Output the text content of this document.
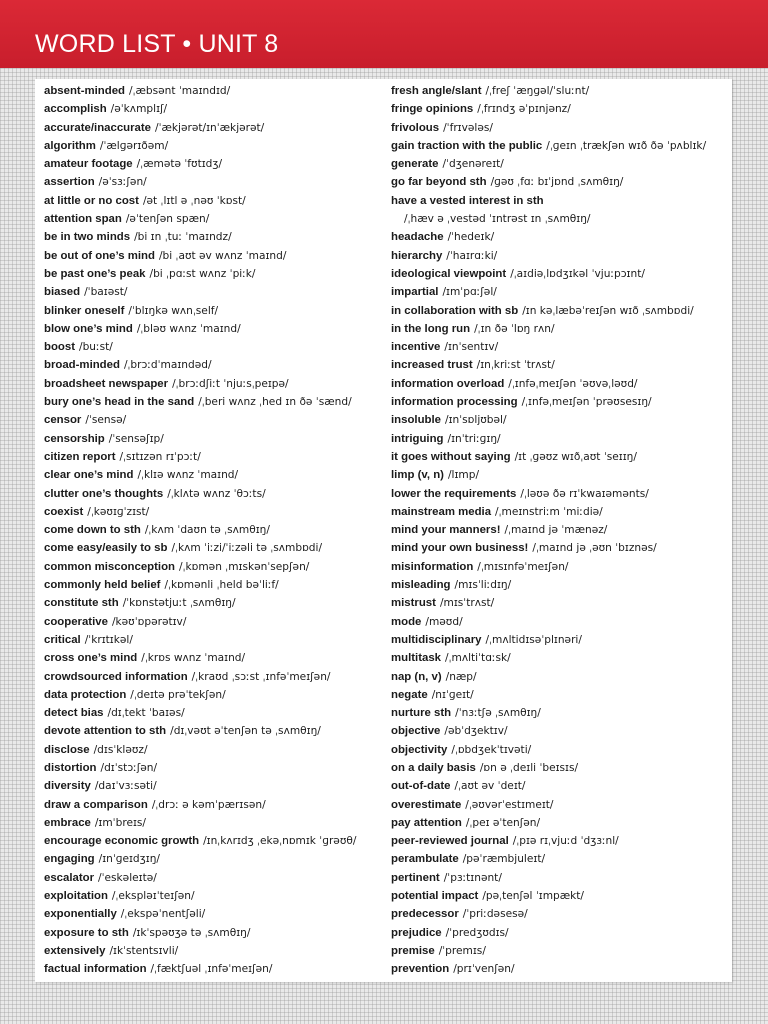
WORD LIST • UNIT 8
absent-minded /ˌæbsənt ˈmaɪndɪd/
accomplish /əˈkʌmplɪʃ/
accurate/inaccurate /ˈækjərət/ɪnˈækjərət/
algorithm /ˈælɡərɪðəm/
amateur footage /ˌæmətə ˈfʊtɪdʒ/
assertion /əˈsɜːʃən/
at little or no cost /ət ˌlɪtl ə ˌnəʊ ˈkɒst/
attention span /əˈtenʃən spæn/
be in two minds /bi ɪn ˌtuː ˈmaɪndz/
be out of one’s mind /bi ˌaʊt əv wʌnz ˈmaɪnd/
be past one’s peak /bi ˌpɑːst wʌnz ˈpiːk/
biased /ˈbaɪəst/
blinker oneself /ˈblɪŋkə wʌnˌself/
blow one’s mind /ˌbləʊ wʌnz ˈmaɪnd/
boost /buːst/
broad-minded /ˌbrɔːdˈmaɪndəd/
broadsheet newspaper /ˌbrɔːdʃiːt ˈnjuːsˌpeɪpə/
bury one’s head in the sand /ˌberi wʌnz ˌhed ɪn ðə ˈsænd/
censor /ˈsensə/
censorship /ˈsensəʃɪp/
citizen report /ˌsɪtɪzən rɪˈpɔːt/
clear one’s mind /ˌklɪə wʌnz ˈmaɪnd/
clutter one’s thoughts /ˌklʌtə wʌnz ˈθɔːts/
coexist /ˌkəʊɪɡˈzɪst/
come down to sth /ˌkʌm ˈdaʊn tə ˌsʌmθɪŋ/
come easy/easily to sb /ˌkʌm ˈiːzi/ˈiːzəli tə ˌsʌmbɒdi/
common misconception /ˌkɒmən ˌmɪskənˈsepʃən/
commonly held belief /ˌkɒmənli ˌheld bəˈliːf/
constitute sth /ˈkɒnstətjuːt ˌsʌmθɪŋ/
cooperative /kəʊˈɒpərətɪv/
critical /ˈkrɪtɪkəl/
cross one’s mind /ˌkrɒs wʌnz ˈmaɪnd/
crowdsourced information /ˌkraʊd ˌsɔːst ˌɪnfəˈmeɪʃən/
data protection /ˌdeɪtə prəˈtekʃən/
detect bias /dɪˌtekt ˈbaɪəs/
devote attention to sth /dɪˌvəʊt əˈtenʃən tə ˌsʌmθɪŋ/
disclose /dɪsˈkləʊz/
distortion /dɪˈstɔːʃən/
diversity /daɪˈvɜːsəti/
draw a comparison /ˌdrɔː ə kəmˈpærɪsən/
embrace /ɪmˈbreɪs/
encourage economic growth /ɪnˌkʌrɪdʒ ˌekəˌnɒmɪk ˈɡrəʊθ/
engaging /ɪnˈɡeɪdʒɪŋ/
escalator /ˈeskəleɪtə/
exploitation /ˌekspləɪˈteɪʃən/
exponentially /ˌekspəˈnentʃəli/
exposure to sth /ɪkˈspəʊʒə tə ˌsʌmθɪŋ/
extensively /ɪkˈstentsɪvli/
factual information /ˌfæktʃuəl ˌɪnfəˈmeɪʃən/
fresh angle/slant /ˌfreʃ ˈæŋɡəl/ˈsluːnt/
fringe opinions /ˌfrɪndʒ əˈpɪnjənz/
frivolous /ˈfrɪvələs/
gain traction with the public /ˌɡeɪn ˌtrækʃən wɪð ðə ˈpʌblɪk/
generate /ˈdʒenəreɪt/
go far beyond sth /ɡəʊ ˌfɑː bɪˈjɒnd ˌsʌmθɪŋ/
have a vested interest in sth
/ˌhæv ə ˌvestəd ˈɪntrəst ɪn ˌsʌmθɪŋ/
headache /ˈhedeɪk/
hierarchy /ˈhaɪrɑːki/
ideological viewpoint /ˌaɪdiəˌlɒdʒɪkəl ˈvjuːpɔɪnt/
impartial /ɪmˈpɑːʃəl/
in collaboration with sb /ɪn kəˌlæbəˈreɪʃən wɪð ˌsʌmbɒdi/
in the long run /ˌɪn ðə ˈlɒŋ rʌn/
incentive /ɪnˈsentɪv/
increased trust /ɪnˌkriːst ˈtrʌst/
information overload /ˌɪnfəˌmeɪʃən ˈəʊvəˌləʊd/
information processing /ˌɪnfəˌmeɪʃən ˈprəʊsesɪŋ/
insoluble /ɪnˈsɒljʊbəl/
intriguing /ɪnˈtriːɡɪŋ/
it goes without saying /ɪt ˌɡəʊz wɪðˌaʊt ˈseɪɪŋ/
limp (v, n) /lɪmp/
lower the requirements /ˌləʊə ðə rɪˈkwaɪəmənts/
mainstream media /ˌmeɪnstriːm ˈmiːdiə/
mind your manners! /ˌmaɪnd jə ˈmænəz/
mind your own business! /ˌmaɪnd jə ˌəʊn ˈbɪznəs/
misinformation /ˌmɪsɪnfəˈmeɪʃən/
misleading /mɪsˈliːdɪŋ/
mistrust /mɪsˈtrʌst/
mode /məʊd/
multidisciplinary /ˌmʌltidɪsəˈplɪnəri/
multitask /ˌmʌltiˈtɑːsk/
nap (n, v) /næp/
negate /nɪˈɡeɪt/
nurture sth /ˈnɜːtʃə ˌsʌmθɪŋ/
objective /əbˈdʒektɪv/
objectivity /ˌɒbdʒekˈtɪvəti/
on a daily basis /ɒn ə ˌdeɪli ˈbeɪsɪs/
out-of-date /ˌaʊt əv ˈdeɪt/
overestimate /ˌəʊvərˈestɪmeɪt/
pay attention /ˌpeɪ əˈtenʃən/
peer-reviewed journal /ˌpɪə rɪˌvjuːd ˈdʒɜːnl/
perambulate /pəˈræmbjuleɪt/
pertinent /ˈpɜːtɪnənt/
potential impact /pəˌtenʃəl ˈɪmpækt/
predecessor /ˈpriːdəsesə/
prejudice /ˈpredʒʊdɪs/
premise /ˈpremɪs/
prevention /prɪˈvenʃən/
